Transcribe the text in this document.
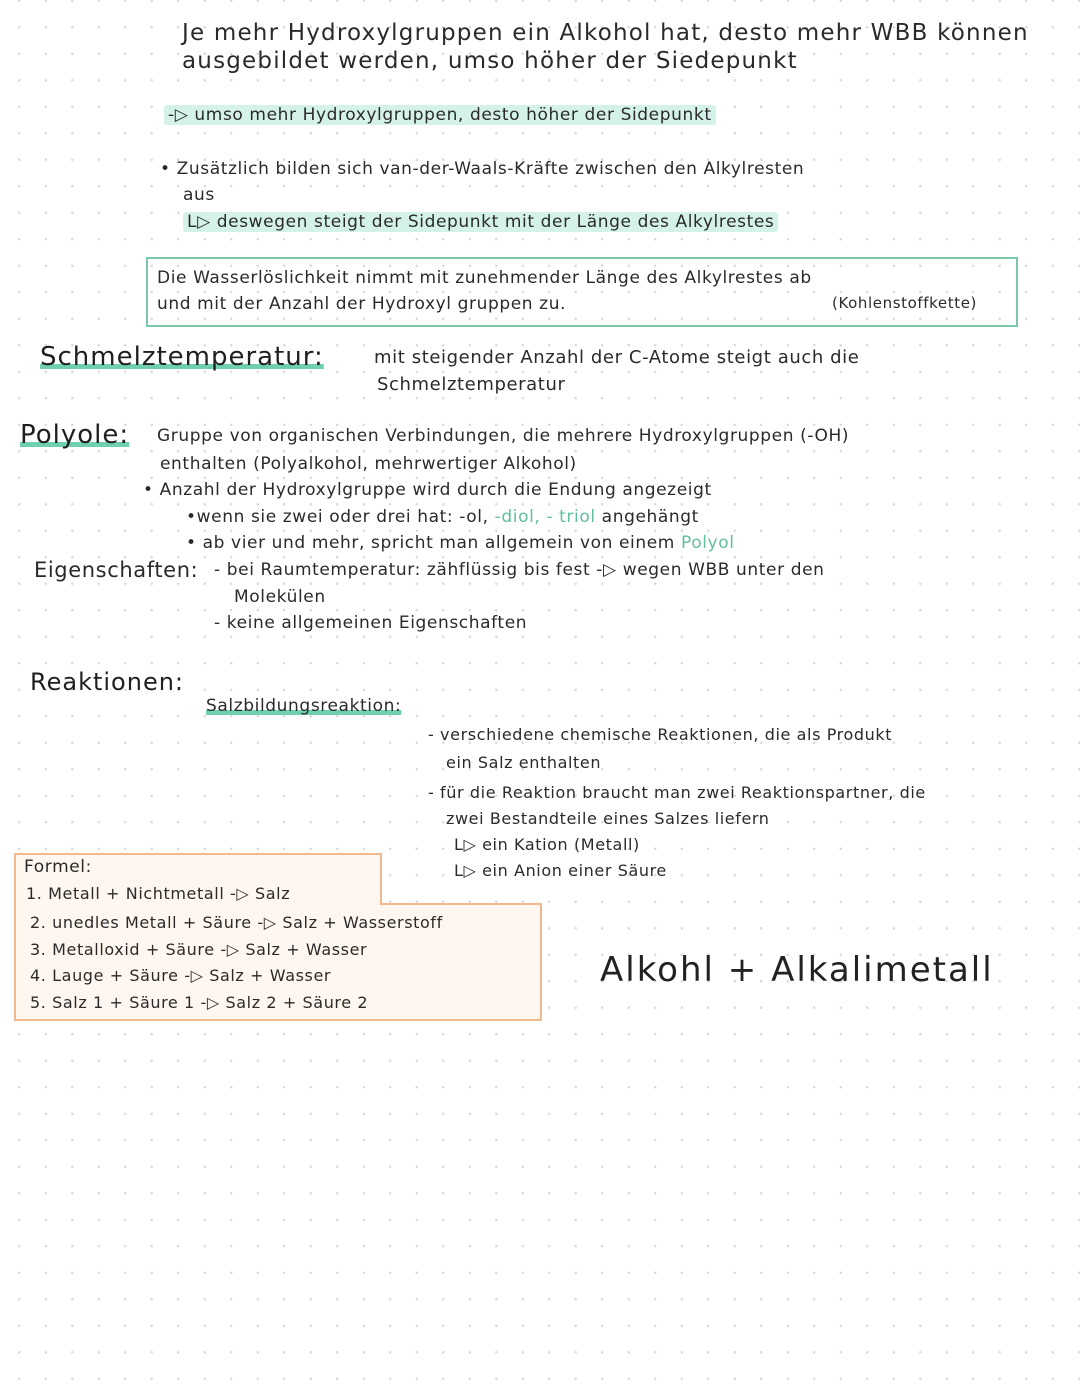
Je mehr Hydroxylgruppen ein Alkohol hat, desto mehr WBB können
ausgebildet werden, umso höher der Siedepunkt
-▷ umso mehr Hydroxylgruppen, desto höher der Sidepunkt
• Zusätzlich bilden sich van-der-Waals-Kräfte zwischen den Alkylresten
aus
L▷ deswegen steigt der Sidepunkt mit der Länge des Alkylrestes
Die Wasserlöslichkeit nimmt mit zunehmender Länge des Alkylrestes ab
und mit der Anzahl der Hydroxyl gruppen zu.	(Kohlenstoffkette)
Schmelztemperatur:	mit steigender Anzahl der C-Atome steigt auch die
Schmelztemperatur
Polyole: Gruppe von organischen Verbindungen, die mehrere Hydroxylgruppen (-OH)
enthalten (Polyalkohol, mehrwertiger Alkohol)
• Anzahl der Hydroxylgruppe wird durch die Endung angezeigt
•wenn sie zwei oder drei hat: -ol, -diol, - triol angehängt
• ab vier und mehr, spricht man allgemein von einem Polyol
Eigenschaften: - bei Raumtemperatur: zähflüssig bis fest -▷ wegen WBB unter den
Molekülen
- keine allgemeinen Eigenschaften
Reaktionen:
Salzbildungsreaktion:
- verschiedene chemische Reaktionen, die als Produkt
ein Salz enthalten
- für die Reaktion braucht man zwei Reaktionspartner, die
zwei Bestandteile eines Salzes liefern
L▷ ein Kation (Metall)
L▷ ein Anion einer Säure
Formel:
1. Metall + Nichtmetall -▷ Salz
2. unedles Metall + Säure -▷ Salz + Wasserstoff
3. Metalloxid + Säure -▷ Salz + Wasser
4. Lauge + Säure -▷ Salz + Wasser
5. Salz 1 + Säure 1 -▷ Salz 2 + Säure 2
Alkohl + Alkalimetall
